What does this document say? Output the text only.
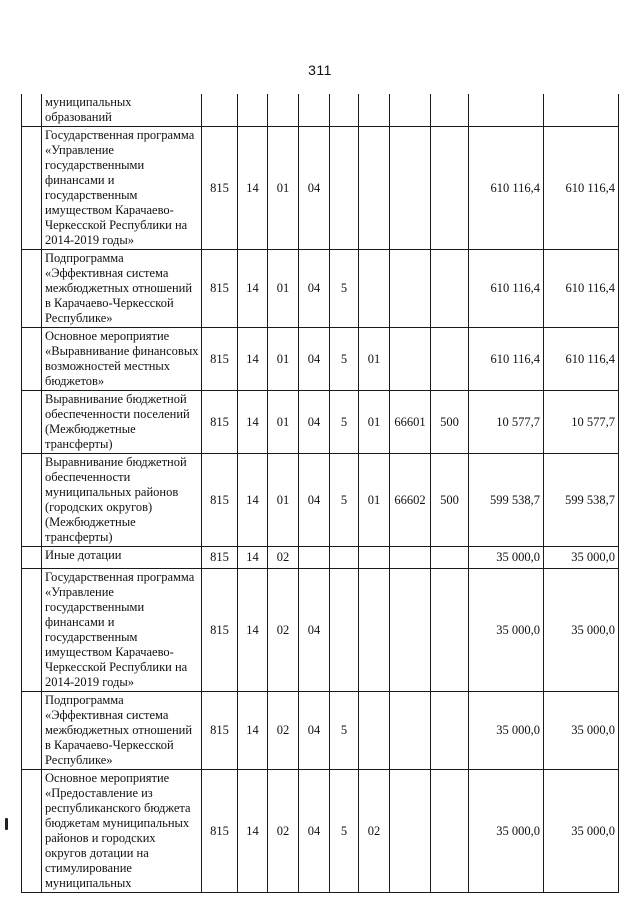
311
	муниципальных образований										
	Государственная программа «Управление государственными финансами и государственным имуществом Карачаево-Черкесской Республики на 2014-2019 годы»	815	14	01	04					610 116,4	610 116,4
	Подпрограмма «Эффективная система межбюджетных отношений в Карачаево-Черкесской Республике»	815	14	01	04	5				610 116,4	610 116,4
	Основное мероприятие «Выравнивание финансовых возможностей местных бюджетов»	815	14	01	04	5	01			610 116,4	610 116,4
	Выравнивание бюджетной обеспеченности поселений (Межбюджетные трансферты)	815	14	01	04	5	01	66601	500	10 577,7	10 577,7
	Выравнивание бюджетной обеспеченности муниципальных районов (городских округов) (Межбюджетные трансферты)	815	14	01	04	5	01	66602	500	599 538,7	599 538,7
	Иные дотации	815	14	02						35 000,0	35 000,0
	Государственная программа «Управление государственными финансами и государственным имуществом Карачаево-Черкесской Республики на 2014-2019 годы»	815	14	02	04					35 000,0	35 000,0
	Подпрограмма «Эффективная система межбюджетных отношений в Карачаево-Черкесской Республике»	815	14	02	04	5				35 000,0	35 000,0
	Основное мероприятие «Предоставление из республиканского бюджета бюджетам муниципальных районов и городских округов дотации на стимулирование муниципальных	815	14	02	04	5	02			35 000,0	35 000,0
